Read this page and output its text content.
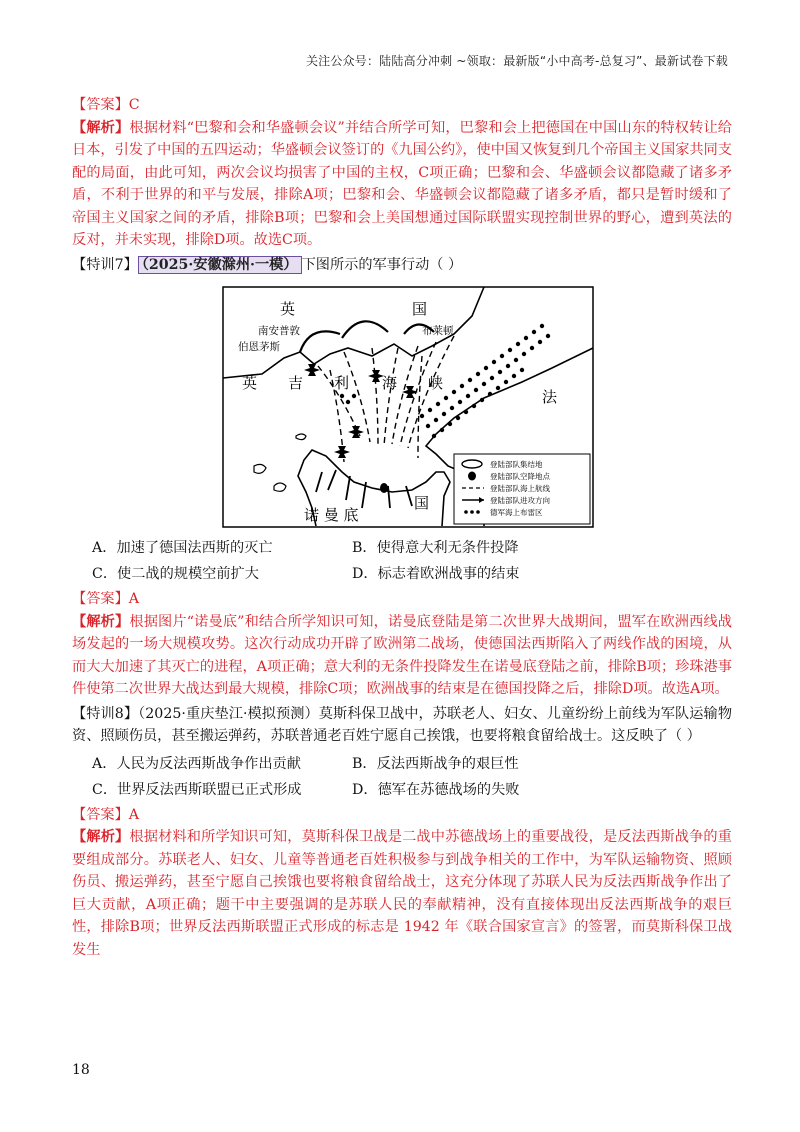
关注公众号：陆陆高分冲刺 ~领取：最新版“小中高考-总复习”、最新试卷下载

【答案】C

【解析】根据材料“巴黎和会和华盛顿会议”并结合所学可知，巴黎和会上把德国在中国山东的特权转让给日本，引发了中国的五四运动；华盛顿会议签订的《九国公约》，使中国又恢复到几个帝国主义国家共同支配的局面，由此可知，两次会议均损害了中国的主权，C项正确；巴黎和会、华盛顿会议都隐藏了诸多矛盾，不利于世界的和平与发展，排除A项；巴黎和会、华盛顿会议都隐藏了诸多矛盾，都只是暂时缓和了帝国主义国家之间的矛盾，排除B项；巴黎和会上美国想通过国际联盟实现控制世界的野心，遭到英法的反对，并未实现，排除D项。故选C项。

【特训7】 （2025·安徽滁州·一模） 下图所示的军事行动（ ）

英	国
南安普敦
伯恩茅斯
布莱顿
英 吉 利 海 峡
法
国
诺 曼 底
登陆部队集结地
登陆部队空降地点
登陆部队海上航线
登陆部队进攻方向
德军海上布雷区
A．加速了德国法西斯的灭亡	B．使得意大利无条件投降
C．使二战的规模空前扩大	D．标志着欧洲战事的结束

【答案】A

【解析】根据图片“诺曼底”和结合所学知识可知，诺曼底登陆是第二次世界大战期间，盟军在欧洲西线战场发起的一场大规模攻势。这次行动成功开辟了欧洲第二战场，使德国法西斯陷入了两线作战的困境，从而大大加速了其灭亡的进程，A项正确；意大利的无条件投降发生在诺曼底登陆之前，排除B项；珍珠港事件使第二次世界大战达到最大规模，排除C项；欧洲战事的结束是在德国投降之后，排除D项。故选A项。

【特训8】（2025·重庆垫江·模拟预测）莫斯科保卫战中，苏联老人、妇女、儿童纷纷上前线为军队运输物资、照顾伤员，甚至搬运弹药，苏联普通老百姓宁愿自己挨饿，也要将粮食留给战士。这反映了（ ）

A．人民为反法西斯战争作出贡献	B．反法西斯战争的艰巨性
C．世界反法西斯联盟已正式形成	D．德军在苏德战场的失败

【答案】A

【解析】根据材料和所学知识可知，莫斯科保卫战是二战中苏德战场上的重要战役，是反法西斯战争的重要组成部分。苏联老人、妇女、儿童等普通老百姓积极参与到战争相关的工作中，为军队运输物资、照顾伤员、搬运弹药，甚至宁愿自己挨饿也要将粮食留给战士，这充分体现了苏联人民为反法西斯战争作出了巨大贡献，A项正确；题干中主要强调的是苏联人民的奉献精神，没有直接体现出反法西斯战争的艰巨性，排除B项；世界反法西斯联盟正式形成的标志是 1942 年《联合国家宣言》的签署，而莫斯科保卫战发生

18
